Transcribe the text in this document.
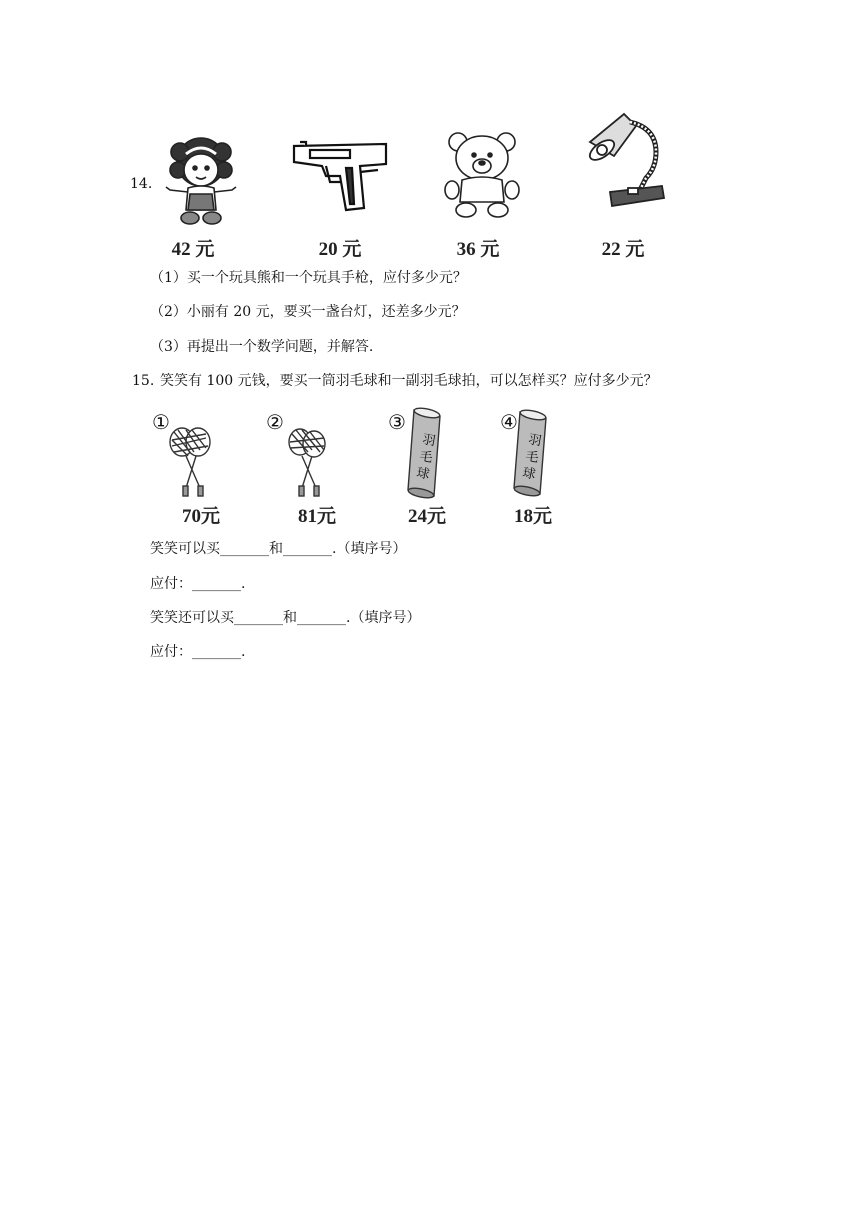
14.
42 元	20 元	36 元	22 元
（1）买一个玩具熊和一个玩具手枪，应付多少元？
（2）小丽有 20 元，要买一盏台灯，还差多少元？
（3）再提出一个数学问题，并解答.
15. 笑笑有 100 元钱，要买一筒羽毛球和一副羽毛球拍，可以怎样买？应付多少元？
①
70元
②
81元
③
羽
毛
球
24元
④
羽
毛
球
18元
笑笑可以买_______和_______.（填序号）
应付：_______.
笑笑还可以买_______和_______.（填序号）
应付：_______.
